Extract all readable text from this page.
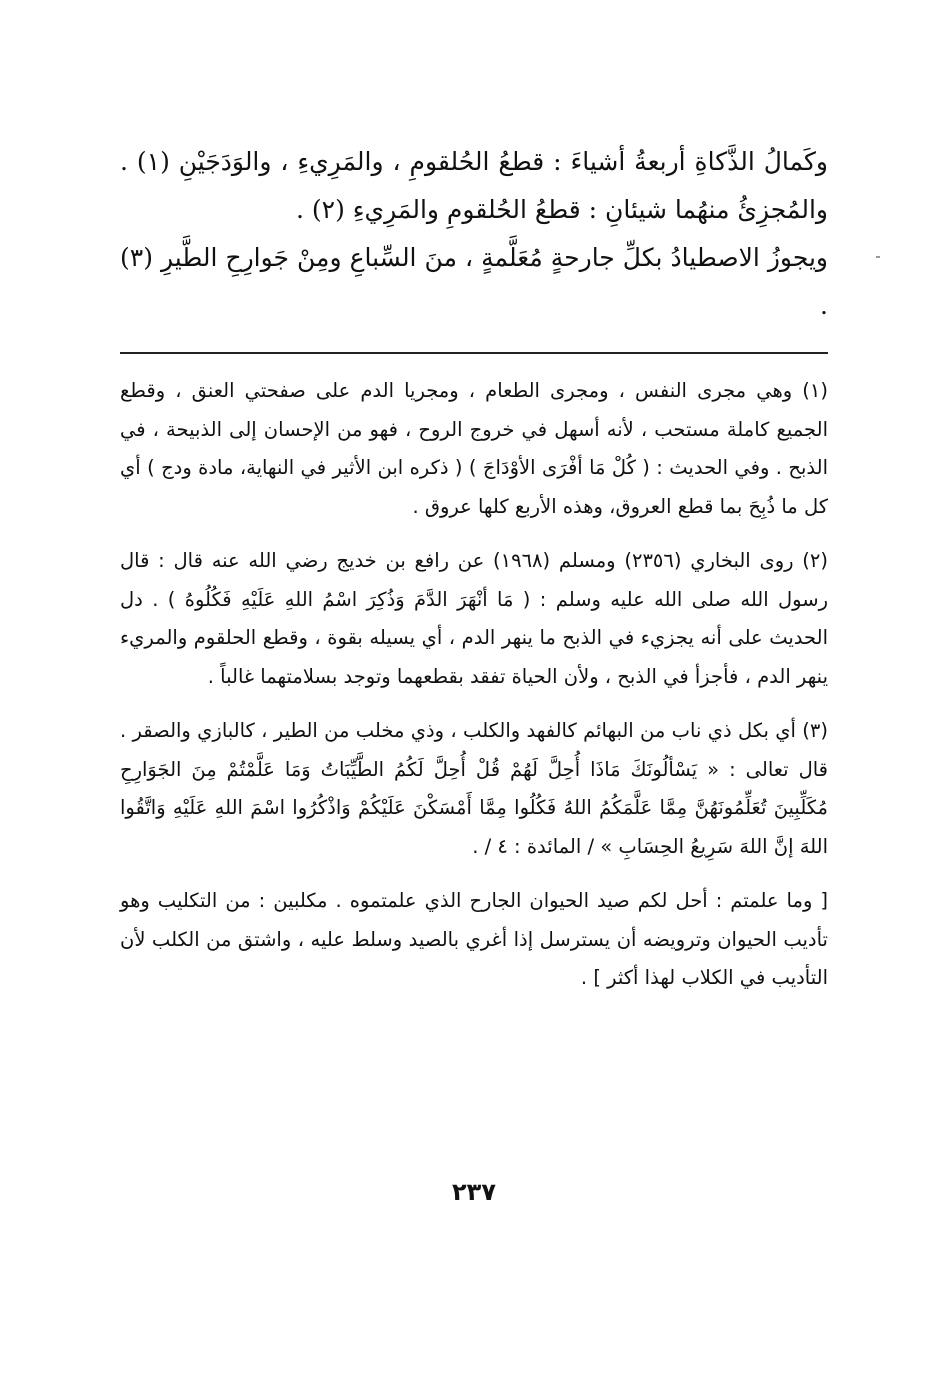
وكَمالُ الذَّكاةِ أربعةُ أشياءَ : قطعُ الحُلقومِ ، والمَرِيءِ ، والوَدَجَيْنِ (١) . والمُجزِئُ منهُما شيئانِ : قطعُ الحُلقومِ والمَرِيءِ (٢) .

ويجوزُ الاصطيادُ بكلِّ جارحةٍ مُعَلَّمةٍ ، منَ السِّباعِ ومِنْ جَوارِحِ الطَّيرِ (٣) .

(١) وهي مجرى النفس ، ومجرى الطعام ، ومجريا الدم على صفحتي العنق ، وقطع الجميع كاملة مستحب ، لأنه أسهل في خروج الروح ، فهو من الإحسان إلى الذبيحة ، في الذبح . وفي الحديث : ( كُلْ مَا أفْرَى الأوْدَاجَ ) ( ذكره ابن الأثير في النهاية، مادة ودج ) أي كل ما ذُبِحَ بما قطع العروق، وهذه الأربع كلها عروق .

(٢) روى البخاري (٢٣٥٦) ومسلم (١٩٦٨) عن رافع بن خديج رضي الله عنه قال : قال رسول الله صلى الله عليه وسلم : ( مَا أنْهَرَ الدَّمَ وَذُكِرَ اسْمُ اللهِ عَلَيْهِ فَكُلُوهُ ) . دل الحديث على أنه يجزيء في الذبح ما ينهر الدم ، أي يسيله بقوة ، وقطع الحلقوم والمريء ينهر الدم ، فأجزأ في الذبح ، ولأن الحياة تفقد بقطعهما وتوجد بسلامتهما غالباً .

(٣) أي بكل ذي ناب من البهائم كالفهد والكلب ، وذي مخلب من الطير ، كالبازي والصقر . قال تعالى : « يَسْألُونَكَ مَاذَا أُحِلَّ لَهُمْ قُلْ أُحِلَّ لَكُمُ الطَّيِّبَاتُ وَمَا عَلَّمْتُمْ مِنَ الجَوَارِحِ مُكَلِّبِينَ تُعَلِّمُونَهُنَّ مِمَّا عَلَّمَكُمُ اللهُ فَكُلُوا مِمَّا أَمْسَكْنَ عَلَيْكُمْ وَاذْكُرُوا اسْمَ اللهِ عَلَيْهِ وَاتَّقُوا اللهَ إنَّ اللهَ سَرِيعُ الحِسَابِ » / المائدة : ٤ / .

[ وما علمتم : أحل لكم صيد الحيوان الجارح الذي علمتموه . مكلبين : من التكليب وهو تأديب الحيوان وترويضه أن يسترسل إذا أغري بالصيد وسلط عليه ، واشتق من الكلب لأن التأديب في الكلاب لهذا أكثر ] .

٢٣٧
